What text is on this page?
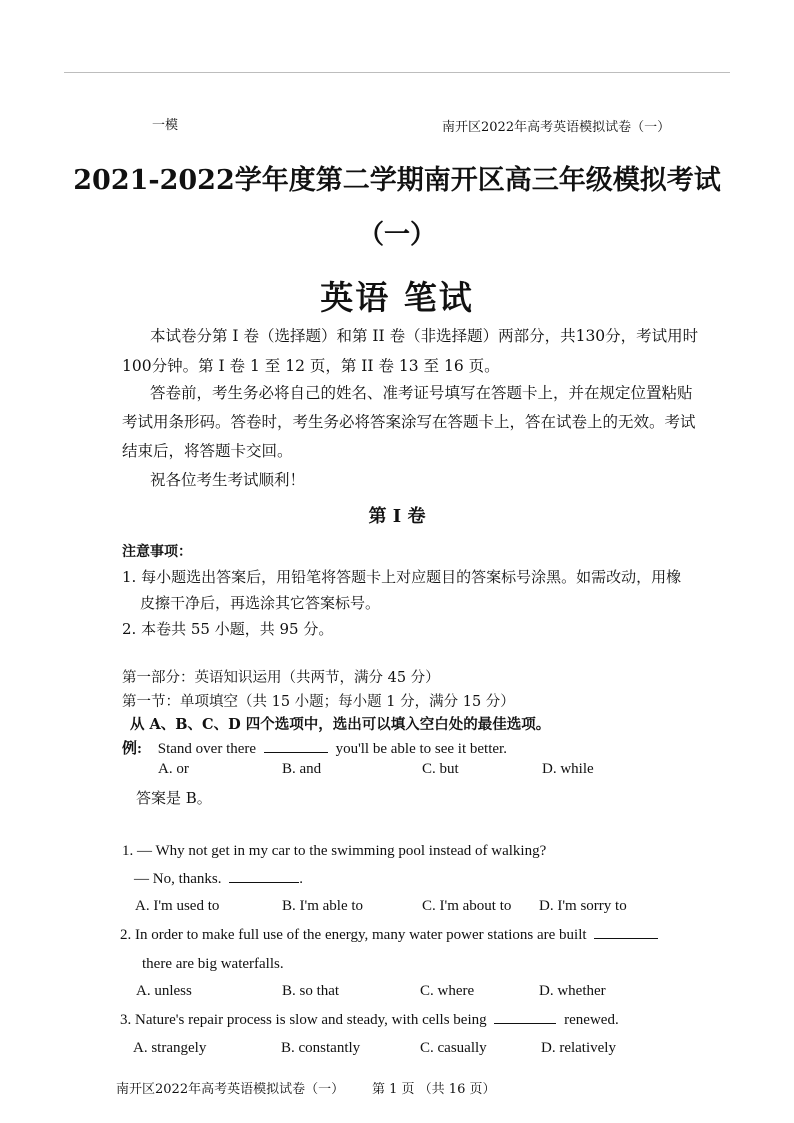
一模	南开区2022年高考英语模拟试卷（一）
2021-2022学年度第二学期南开区高三年级模拟考试
（一）
英语 笔试
本试卷分第 I 卷（选择题）和第 II 卷（非选择题）两部分，共130分，考试用时
100分钟。第 I 卷 1 至 12 页，第 II 卷 13 至 16 页。
答卷前，考生务必将自己的姓名、准考证号填写在答题卡上，并在规定位置粘贴
考试用条形码。答卷时，考生务必将答案涂写在答题卡上，答在试卷上的无效。考试
结束后，将答题卡交回。
祝各位考生考试顺利！
第 I 卷
注意事项：
1. 每小题选出答案后，用铅笔将答题卡上对应题目的答案标号涂黑。如需改动，用橡
皮擦干净后，再选涂其它答案标号。
2. 本卷共 55 小题，共 95 分。
第一部分：英语知识运用（共两节，满分 45 分）
第一节：单项填空（共 15 小题；每小题 1 分，满分 15 分）
从 A、B、C、D 四个选项中，选出可以填入空白处的最佳选项。
例: Stand over there	you'll be able to see it better.
A. or	B. and	C. but	D. while
答案是 B。
1. — Why not get in my car to the swimming pool instead of walking?
— No, thanks.	.
A. I'm used to	B. I'm able to	C. I'm about to D. I'm sorry to
2. In order to make full use of the energy, many water power stations are built
there are big waterfalls.
A. unless	B. so that	C. where	D. whether
3. Nature's repair process is slow and steady, with cells being	renewed.
A. strangely	B. constantly	C. casually	D. relatively
南开区2022年高考英语模拟试卷（一） 第 1 页 （共 16 页）
